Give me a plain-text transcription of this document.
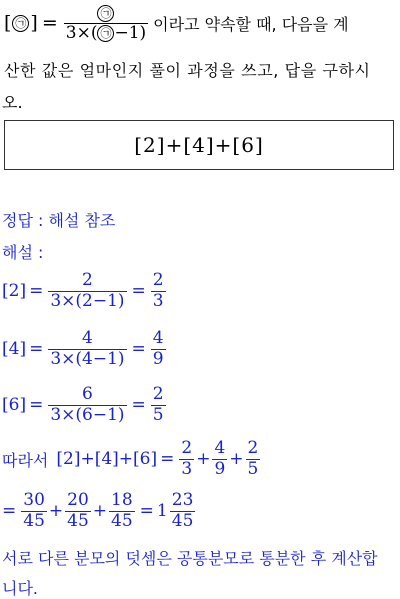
[ ㉠ ] = $\frac{㉠}{3\times( ㉠ -1)}$ 이라고 약속할 때, 다음을 계
산한 값은 얼마인지 풀이 과정을 쓰고, 답을 구하시
오.
[2]+[4]+[6]
정답 : 해설 참조
해설 :
$[2] = \frac{2}{3\times(2-1)} = \frac{2}{3}$
$[4] = \frac{4}{3\times(4-1)} = \frac{4}{9}$
$[6] = \frac{6}{3\times(6-1)} = \frac{2}{5}$
따라서 $[2]+[4]+[6] = \frac{2}{3} + \frac{4}{9} + \frac{2}{5}$
= $\frac{30}{45} + \frac{20}{45} + \frac{18}{45} = 1 \frac{23}{45}$
서로 다른 분모의 덧셈은 공통분모로 통분한 후 계산합
니다.
